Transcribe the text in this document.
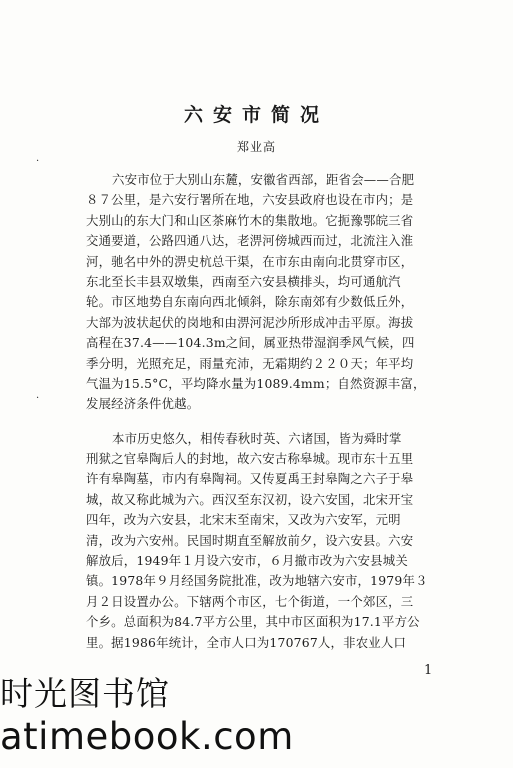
六安市简况
郑业高
六安市位于大别山东麓，安徽省西部，距省会——合肥
８７公里，是六安行署所在地，六安县政府也设在市内；是
大别山的东大门和山区茶麻竹木的集散地。它扼豫鄂皖三省
交通要道，公路四通八达，老淠河傍城西而过，北流注入淮
河，驰名中外的淠史杭总干渠，在市东由南向北贯穿市区，
东北至长丰县双墩集，西南至六安县横排头，均可通航汽
轮。市区地势自东南向西北倾斜，除东南郊有少数低丘外，
大部为波状起伏的岗地和由淠河泥沙所形成冲击平原。海拔
高程在37.4——104.3m之间，属亚热带湿润季风气候，四
季分明，光照充足，雨量充沛，无霜期约２２０天；年平均
气温为15.5°C，平均降水量为1089.4mm；自然资源丰富，
发展经济条件优越。
本市历史悠久，相传春秋时英、六诸国，皆为舜时掌
刑狱之官皋陶后人的封地，故六安古称皋城。现市东十五里
许有皋陶墓，市内有皋陶祠。又传夏禹王封皋陶之六子于皋
城，故又称此城为六。西汉至东汉初，设六安国，北宋开宝
四年，改为六安县，北宋末至南宋，又改为六安军，元明
清，改为六安州。民国时期直至解放前夕，设六安县。六安
解放后，1949年１月设六安市，６月撤市改为六安县城关
镇。1978年９月经国务院批准，改为地辖六安市，1979年３
月２日设置办公。下辖两个市区，七个街道，一个郊区，三
个乡。总面积为84.7平方公里，其中市区面积为17.1平方公
里。据1986年统计，全市人口为170767人，非农业人口
·
·
1
时光图书馆
atimebook.com
